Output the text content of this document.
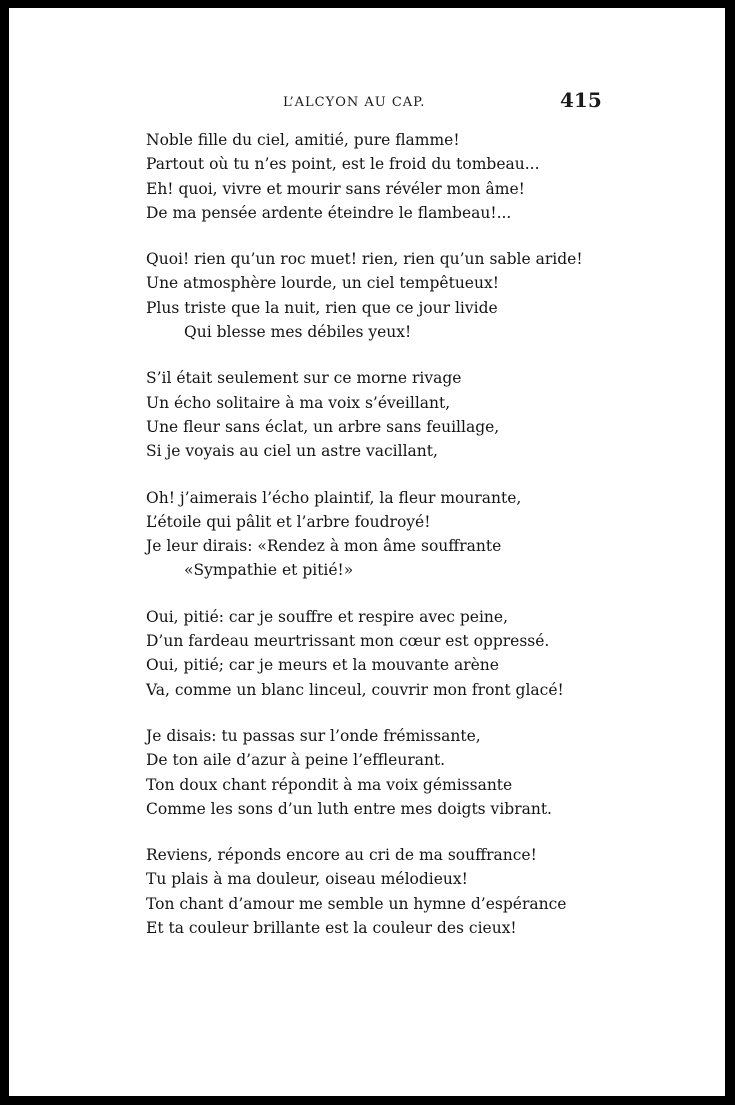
L’ALCYON AU CAP.	415
Noble fille du ciel, amitié, pure flamme!
Partout où tu n’es point, est le froid du tombeau...
Eh! quoi, vivre et mourir sans révéler mon âme!
De ma pensée ardente éteindre le flambeau!...
Quoi! rien qu’un roc muet! rien, rien qu’un sable aride!
Une atmosphère lourde, un ciel tempêtueux!
Plus triste que la nuit, rien que ce jour livide
Qui blesse mes débiles yeux!
S’il était seulement sur ce morne rivage
Un écho solitaire à ma voix s’éveillant,
Une fleur sans éclat, un arbre sans feuillage,
Si je voyais au ciel un astre vacillant,
Oh! j’aimerais l’écho plaintif, la fleur mourante,
L’étoile qui pâlit et l’arbre foudroyé!
Je leur dirais: «Rendez à mon âme souffrante
«Sympathie et pitié!»
Oui, pitié: car je souffre et respire avec peine,
D’un fardeau meurtrissant mon cœur est oppressé.
Oui, pitié; car je meurs et la mouvante arène
Va, comme un blanc linceul, couvrir mon front glacé!
Je disais: tu passas sur l’onde frémissante,
De ton aile d’azur à peine l’effleurant.
Ton doux chant répondit à ma voix gémissante
Comme les sons d’un luth entre mes doigts vibrant.
Reviens, réponds encore au cri de ma souffrance!
Tu plais à ma douleur, oiseau mélodieux!
Ton chant d’amour me semble un hymne d’espérance
Et ta couleur brillante est la couleur des cieux!
